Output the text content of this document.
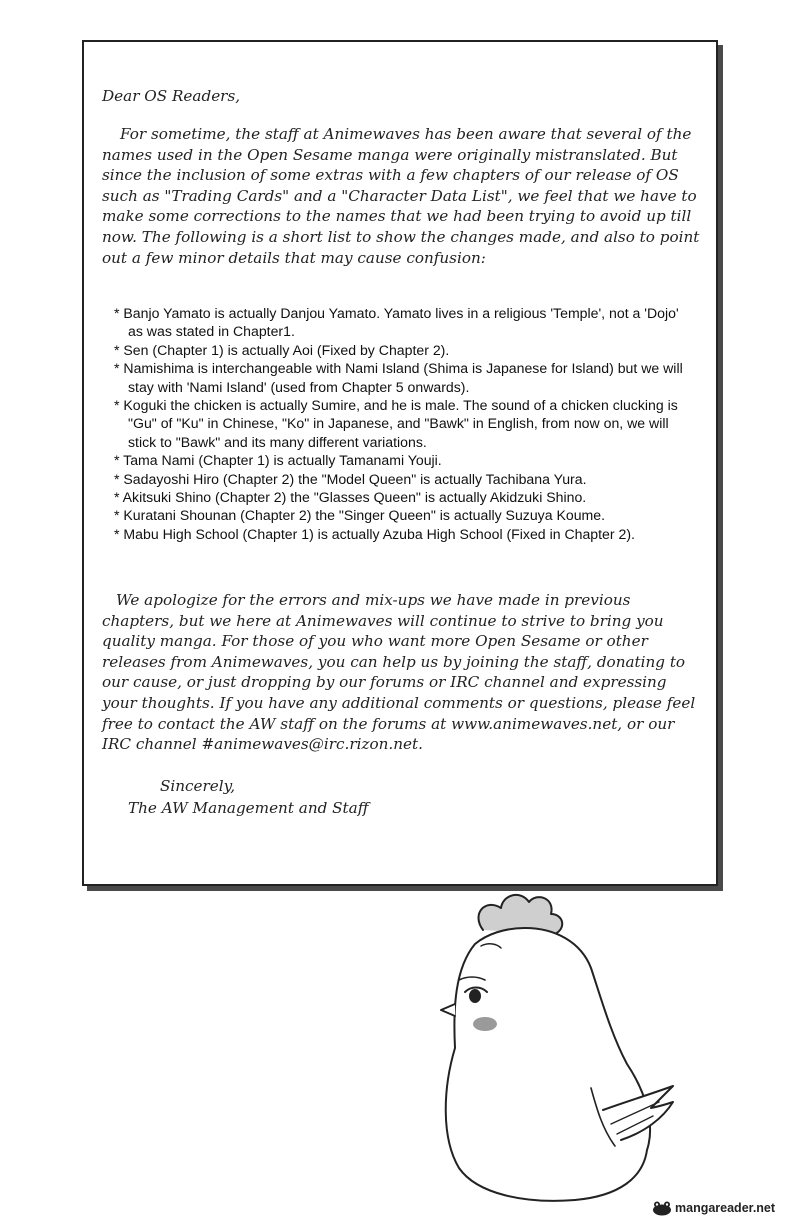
Dear OS Readers,
For sometime, the staff at Animewaves has been aware that several of the names used in the Open Sesame manga were originally mistranslated. But since the inclusion of some extras with a few chapters of our release of OS such as "Trading Cards" and a "Character Data List", we feel that we have to make some corrections to the names that we had been trying to avoid up till now. The following is a short list to show the changes made, and also to point out a few minor details that may cause confusion:
* Banjo Yamato is actually Danjou Yamato. Yamato lives in a religious 'Temple', not a 'Dojo' as was stated in Chapter1.
* Sen (Chapter 1) is actually Aoi (Fixed by Chapter 2).
* Namishima is interchangeable with Nami Island (Shima is Japanese for Island) but we will stay with 'Nami Island' (used from Chapter 5 onwards).
* Koguki the chicken is actually Sumire, and he is male. The sound of a chicken clucking is "Gu" of "Ku" in Chinese, "Ko" in Japanese, and "Bawk" in English, from now on, we will stick to "Bawk" and its many different variations.
* Tama Nami (Chapter 1) is actually Tamanami Youji.
* Sadayoshi Hiro (Chapter 2) the "Model Queen" is actually Tachibana Yura.
* Akitsuki Shino (Chapter 2) the "Glasses Queen" is actually Akidzuki Shino.
* Kuratani Shounan (Chapter 2) the "Singer Queen" is actually Suzuya Koume.
* Mabu High School (Chapter 1) is actually Azuba High School (Fixed in Chapter 2).
We apologize for the errors and mix-ups we have made in previous chapters, but we here at Animewaves will continue to strive to bring you quality manga. For those of you who want more Open Sesame or other releases from Animewaves, you can help us by joining the staff, donating to our cause, or just dropping by our forums or IRC channel and expressing your thoughts. If you have any additional comments or questions, please feel free to contact the AW staff on the forums at www.animewaves.net, or our IRC channel #animewaves@irc.rizon.net.
Sincerely,
The AW Management and Staff
mangareader.net
